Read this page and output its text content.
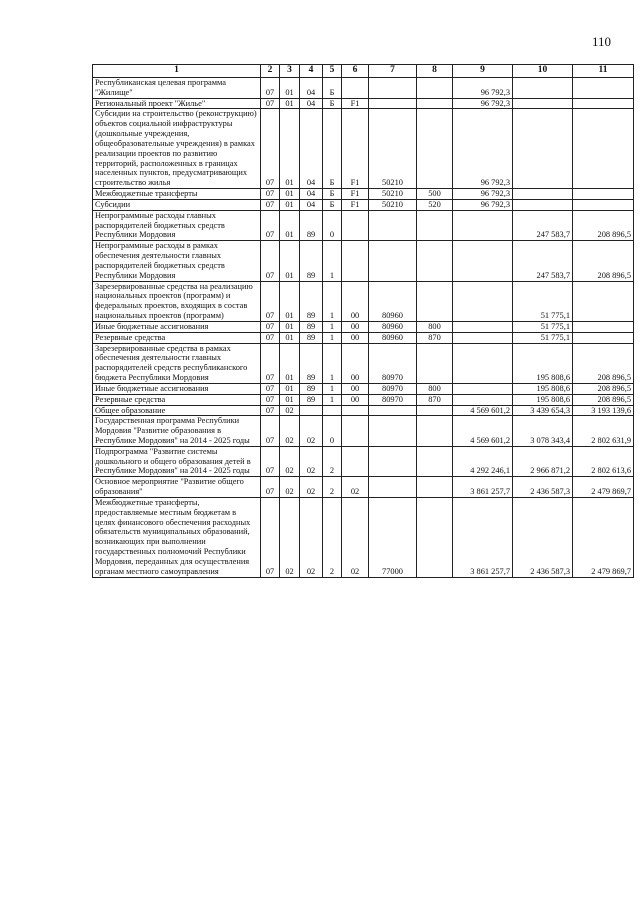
110
1	2	3	4	5	6	7	8	9	10	11
Республиканская целевая программа "Жилище"	07	01	04	Б				96 792,3		
Региональный проект "Жилье"	07	01	04	Б	F1			96 792,3		
Субсидии на строительство (реконструкцию) объектов социальной инфраструктуры (дошкольные учреждения, общеобразовательные учреждения) в рамках реализации проектов по развитию территорий, расположенных в границах населенных пунктов, предусматривающих строительство жилья	07	01	04	Б	F1	50210		96 792,3		
Межбюджетные трансферты	07	01	04	Б	F1	50210	500	96 792,3		
Субсидии	07	01	04	Б	F1	50210	520	96 792,3		
Непрограммные расходы главных распорядителей бюджетных средств Республики Мордовия	07	01	89	0					247 583,7	208 896,5
Непрограммные расходы в рамках обеспечения деятельности главных распорядителей бюджетных средств Республики Мордовия	07	01	89	1					247 583,7	208 896,5
Зарезервированные средства на реализацию национальных проектов (программ) и федеральных проектов, входящих в состав национальных проектов (программ)	07	01	89	1	00	80960			51 775,1	
Иные бюджетные ассигнования	07	01	89	1	00	80960	800		51 775,1	
Резервные средства	07	01	89	1	00	80960	870		51 775,1	
Зарезервированные средства в рамках обеспечения деятельности главных распорядителей средств республиканского бюджета Республики Мордовия	07	01	89	1	00	80970			195 808,6	208 896,5
Иные бюджетные ассигнования	07	01	89	1	00	80970	800		195 808,6	208 896,5
Резервные средства	07	01	89	1	00	80970	870		195 808,6	208 896,5
Общее образование	07	02						4 569 601,2	3 439 654,3	3 193 139,6
Государственная программа Республики Мордовия "Развитие образования в Республике Мордовия" на 2014 - 2025 годы	07	02	02	0				4 569 601,2	3 078 343,4	2 802 631,9
Подпрограмма "Развитие системы дошкольного и общего образования детей в Республике Мордовия" на 2014 - 2025 годы	07	02	02	2				4 292 246,1	2 966 871,2	2 802 613,6
Основное мероприятие "Развитие общего образования"	07	02	02	2	02			3 861 257,7	2 436 587,3	2 479 869,7
Межбюджетные трансферты, предоставляемые местным бюджетам в целях финансового обеспечения расходных обязательств муниципальных образований, возникающих при выполнении государственных полномочий Республики Мордовия, переданных для осуществления органам местного самоуправления	07	02	02	2	02	77000		3 861 257,7	2 436 587,3	2 479 869,7
